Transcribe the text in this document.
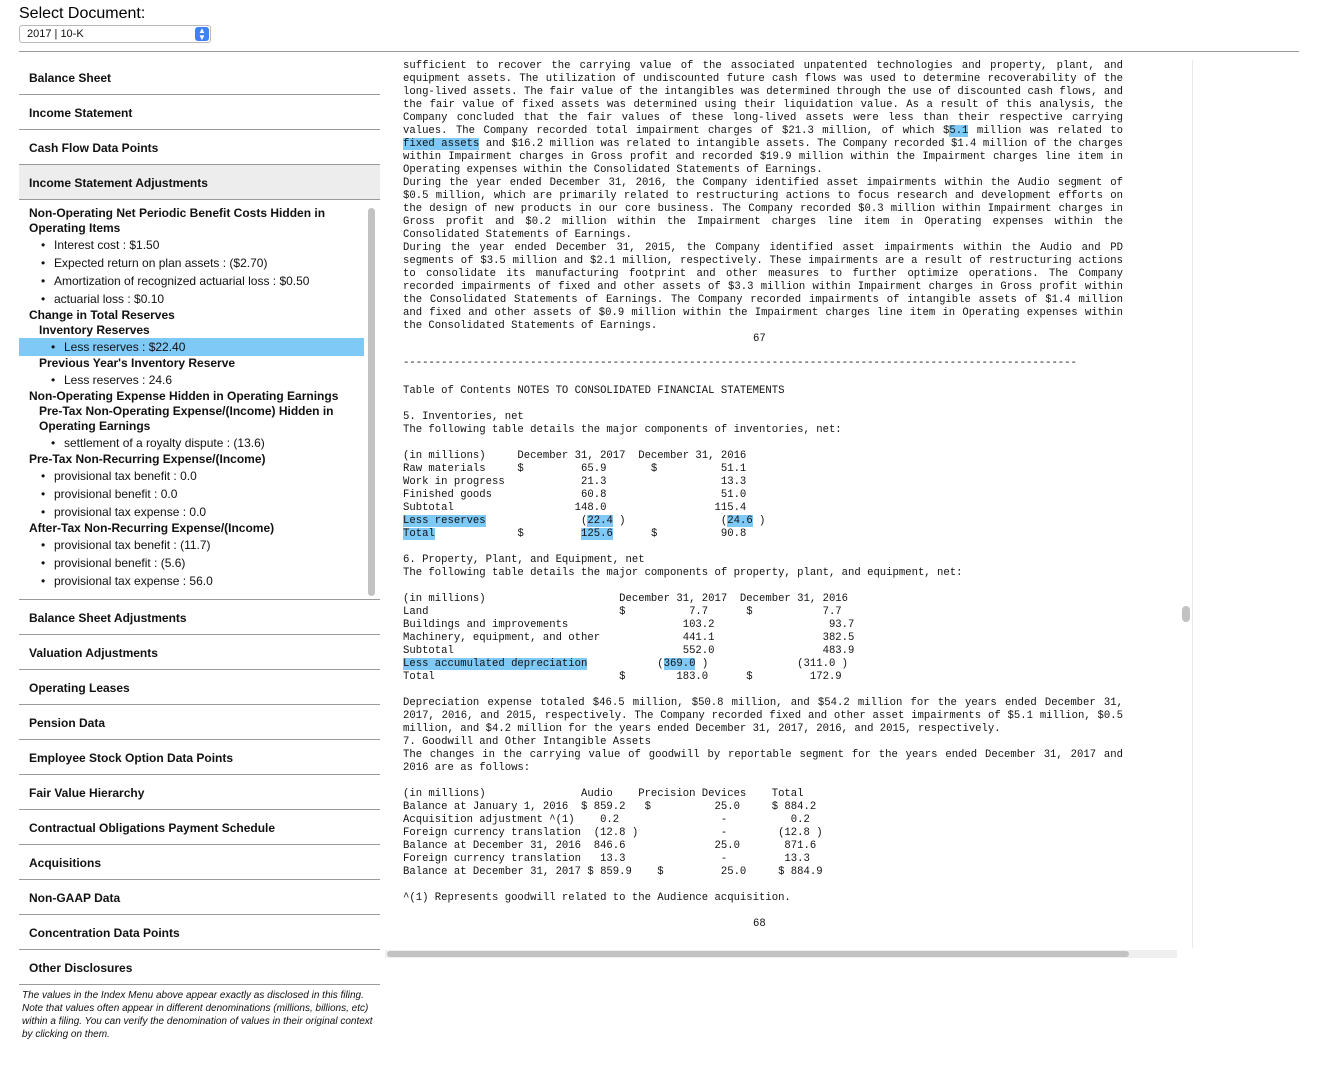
Select Document:
2017 | 10-K	▲
▼
Balance Sheet
Income Statement
Cash Flow Data Points
Income Statement Adjustments
Non-Operating Net Periodic Benefit Costs Hidden in Operating Items
• Interest cost : $1.50
• Expected return on plan assets : ($2.70)
• Amortization of recognized actuarial loss : $0.50
• actuarial loss : $0.10
Change in Total Reserves
Inventory Reserves
• Less reserves : $22.40
Previous Year's Inventory Reserve
• Less reserves : 24.6
Non-Operating Expense Hidden in Operating Earnings
Pre-Tax Non-Operating Expense/(Income) Hidden in Operating Earnings
• settlement of a royalty dispute : (13.6)
Pre-Tax Non-Recurring Expense/(Income)
• provisional tax benefit : 0.0
• provisional benefit : 0.0
• provisional tax expense : 0.0
After-Tax Non-Recurring Expense/(Income)
• provisional tax benefit : (11.7)
• provisional benefit : (5.6)
• provisional tax expense : 56.0
Balance Sheet Adjustments
Valuation Adjustments
Operating Leases
Pension Data
Employee Stock Option Data Points
Fair Value Hierarchy
Contractual Obligations Payment Schedule
Acquisitions
Non-GAAP Data
Concentration Data Points
Other Disclosures
The values in the Index Menu above appear exactly as disclosed in this filing. Note that values often appear in different denominations (millions, billions, etc) within a filing. You can verify the denomination of values in their original context by clicking on them.
sufficient to recover the carrying value of the associated unpatented technologies and property, plant, and equipment assets. The utilization of undiscounted future cash flows was used to determine recoverability of the long-lived assets. The fair value of the intangibles was determined through the use of discounted cash flows, and the fair value of fixed assets was determined using their liquidation value. As a result of this analysis, the Company concluded that the fair values of these long-lived assets were less than their respective carrying values. The Company recorded total impairment charges of $21.3 million, of which $5.1 million was related to fixed assets and $16.2 million was related to intangible assets. The Company recorded $1.4 million of the charges within Impairment charges in Gross profit and recorded $19.9 million within the Impairment charges line item in Operating expenses within the Consolidated Statements of Earnings.
During the year ended December 31, 2016, the Company identified asset impairments within the Audio segment of $0.5 million, which are primarily related to restructuring actions to focus research and development efforts on the design of new products in our core business. The Company recorded $0.3 million within Impairment charges in Gross profit and $0.2 million within the Impairment charges line item in Operating expenses within the Consolidated Statements of Earnings.
During the year ended December 31, 2015, the Company identified asset impairments within the Audio and PD segments of $3.5 million and $2.1 million, respectively. These impairments are a result of restructuring actions to consolidate its manufacturing footprint and other measures to further optimize operations. The Company recorded impairments of fixed and other assets of $3.3 million within Impairment charges in Gross profit within the Consolidated Statements of Earnings. The Company recorded impairments of intangible assets of $1.4 million and fixed and other assets of $0.9 million within the Impairment charges line item in Operating expenses within the Consolidated Statements of Earnings.
67
----------------------------------------------------------------------------------------------------------
Table of Contents NOTES TO CONSOLIDATED FINANCIAL STATEMENTS
5. Inventories, net
The following table details the major components of inventories, net:
(in millions)     December 31, 2017  December 31, 2016
Raw materials     $         65.9       $          51.1
Work in progress            21.3                  13.3
Finished goods              60.8                  51.0
Subtotal                   148.0                 115.4
Less reserves               (22.4 )               (24.6 )
Total             $         125.6      $          90.8
6. Property, Plant, and Equipment, net
The following table details the major components of property, plant, and equipment, net:
(in millions)                     December 31, 2017  December 31, 2016
Land                              $          7.7      $           7.7
Buildings and improvements                  103.2                  93.7
Machinery, equipment, and other             441.1                 382.5
Subtotal                                    552.0                 483.9
Less accumulated depreciation           (369.0 )              (311.0 )
Total                             $        183.0      $         172.9
Depreciation expense totaled $46.5 million, $50.8 million, and $54.2 million for the years ended December 31, 2017, 2016, and 2015, respectively. The Company recorded fixed and other asset impairments of $5.1 million, $0.5 million, and $4.2 million for the years ended December 31, 2017, 2016, and 2015, respectively.
7. Goodwill and Other Intangible Assets
The changes in the carrying value of goodwill by reportable segment for the years ended December 31, 2017 and 2016 are as follows:
(in millions)               Audio    Precision Devices    Total
Balance at January 1, 2016  $ 859.2   $          25.0     $ 884.2
Acquisition adjustment ^(1)    0.2                -          0.2
Foreign currency translation  (12.8 )             -        (12.8 )
Balance at December 31, 2016  846.6              25.0       871.6
Foreign currency translation   13.3               -         13.3
Balance at December 31, 2017 $ 859.9    $         25.0     $ 884.9
^(1) Represents goodwill related to the Audience acquisition.
68
